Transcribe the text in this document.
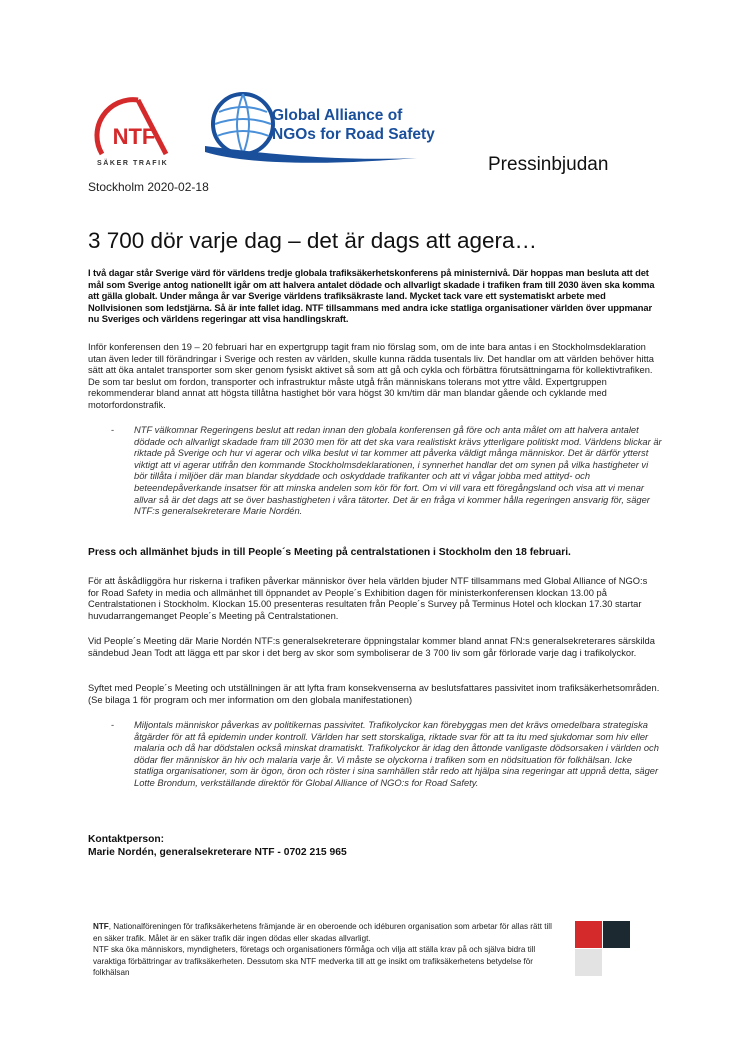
NTF
SÄKER TRAFIK
Global Alliance of
NGOs for Road Safety
Pressinbjudan
Stockholm 2020-02-18
3 700 dör varje dag – det är dags att agera…
I två dagar står Sverige värd för världens tredje globala trafiksäkerhetskonferens på ministernivå. Där hoppas man besluta att det mål som Sverige antog nationellt igår om att halvera antalet dödade och allvarligt skadade i trafiken fram till 2030 även ska komma att gälla globalt. Under många år var Sverige världens trafiksäkraste land. Mycket tack vare ett systematiskt arbete med Nollvisionen som ledstjärna. Så är inte fallet idag. NTF tillsammans med andra icke statliga organisationer världen över uppmanar nu Sveriges och världens regeringar att visa handlingskraft.
Inför konferensen den 19 – 20 februari har en expertgrupp tagit fram nio förslag som, om de inte bara antas i en Stockholmsdeklaration utan även leder till förändringar i Sverige och resten av världen, skulle kunna rädda tusentals liv. Det handlar om att världen behöver hitta sätt att öka antalet transporter som sker genom fysiskt aktivet så som att gå och cykla och förbättra förutsättningarna för kollektivtrafiken. De som tar beslut om fordon, transporter och infrastruktur måste utgå från människans tolerans mot yttre våld. Expertgruppen rekommenderar bland annat att högsta tillåtna hastighet bör vara högst 30 km/tim där man blandar gående och cyklande med motorfordonstrafik.
- NTF välkomnar Regeringens beslut att redan innan den globala konferensen gå före och anta målet om att halvera antalet dödade och allvarligt skadade fram till 2030 men för att det ska vara realistiskt krävs ytterligare politiskt mod. Världens blickar är riktade på Sverige och hur vi agerar och vilka beslut vi tar kommer att påverka väldigt många människor. Det är därför ytterst viktigt att vi agerar utifrån den kommande Stockholmsdeklarationen, i synnerhet handlar det om synen på vilka hastigheter vi bör tillåta i miljöer där man blandar skyddade och oskyddade trafikanter och att vi vågar jobba med attityd- och beteendepåverkande insatser för att minska andelen som kör för fort. Om vi vill vara ett föregångsland och visa att vi menar allvar så är det dags att se över bashastigheten i våra tätorter. Det är en fråga vi kommer hålla regeringen ansvarig för, säger NTF:s generalsekreterare Marie Nordén.
Press och allmänhet bjuds in till People´s Meeting på centralstationen i Stockholm den 18 februari.
För att åskådliggöra hur riskerna i trafiken påverkar människor över hela världen bjuder NTF tillsammans med Global Alliance of NGO:s for Road Safety in media och allmänhet till öppnandet av People´s Exhibition dagen för ministerkonferensen klockan 13.00 på Centralstationen i Stockholm. Klockan 15.00 presenteras resultaten från People´s Survey på Terminus Hotel och klockan 17.30 startar huvudarrangemanget People´s Meeting på Centralstationen.
Vid People´s Meeting där Marie Nordén NTF:s generalsekreterare öppningstalar kommer bland annat FN:s generalsekreterares särskilda sändebud Jean Todt att lägga ett par skor i det berg av skor som symboliserar de 3 700 liv som går förlorade varje dag i trafikolyckor.
Syftet med People´s Meeting och utställningen är att lyfta fram konsekvenserna av beslutsfattares passivitet inom trafiksäkerhetsområden. (Se bilaga 1 för program och mer information om den globala manifestationen)
- Miljontals människor påverkas av politikernas passivitet. Trafikolyckor kan förebyggas men det krävs omedelbara strategiska åtgärder för att få epidemin under kontroll. Världen har sett storskaliga, riktade svar för att ta itu med sjukdomar som hiv eller malaria och då har dödstalen också minskat dramatiskt. Trafikolyckor är idag den åttonde vanligaste dödsorsaken i världen och dödar fler människor än hiv och malaria varje år. Vi måste se olyckorna i trafiken som en nödsituation för folkhälsan. Icke statliga organisationer, som är ögon, öron och röster i sina samhällen står redo att hjälpa sina regeringar att uppnå detta, säger Lotte Brondum, verkställande direktör för Global Alliance of NGO:s for Road Safety.
Kontaktperson:
Marie Nordén, generalsekreterare NTF - 0702 215 965
NTF, Nationalföreningen för trafiksäkerhetens främjande är en oberoende och idéburen organisation som arbetar för allas rätt till en säker trafik. Målet är en säker trafik där ingen dödas eller skadas allvarligt.
NTF ska öka människors, myndigheters, företags och organisationers förmåga och vilja att ställa krav på och själva bidra till varaktiga förbättringar av trafiksäkerheten. Dessutom ska NTF medverka till att ge insikt om trafiksäkerhetens betydelse för folkhälsan
